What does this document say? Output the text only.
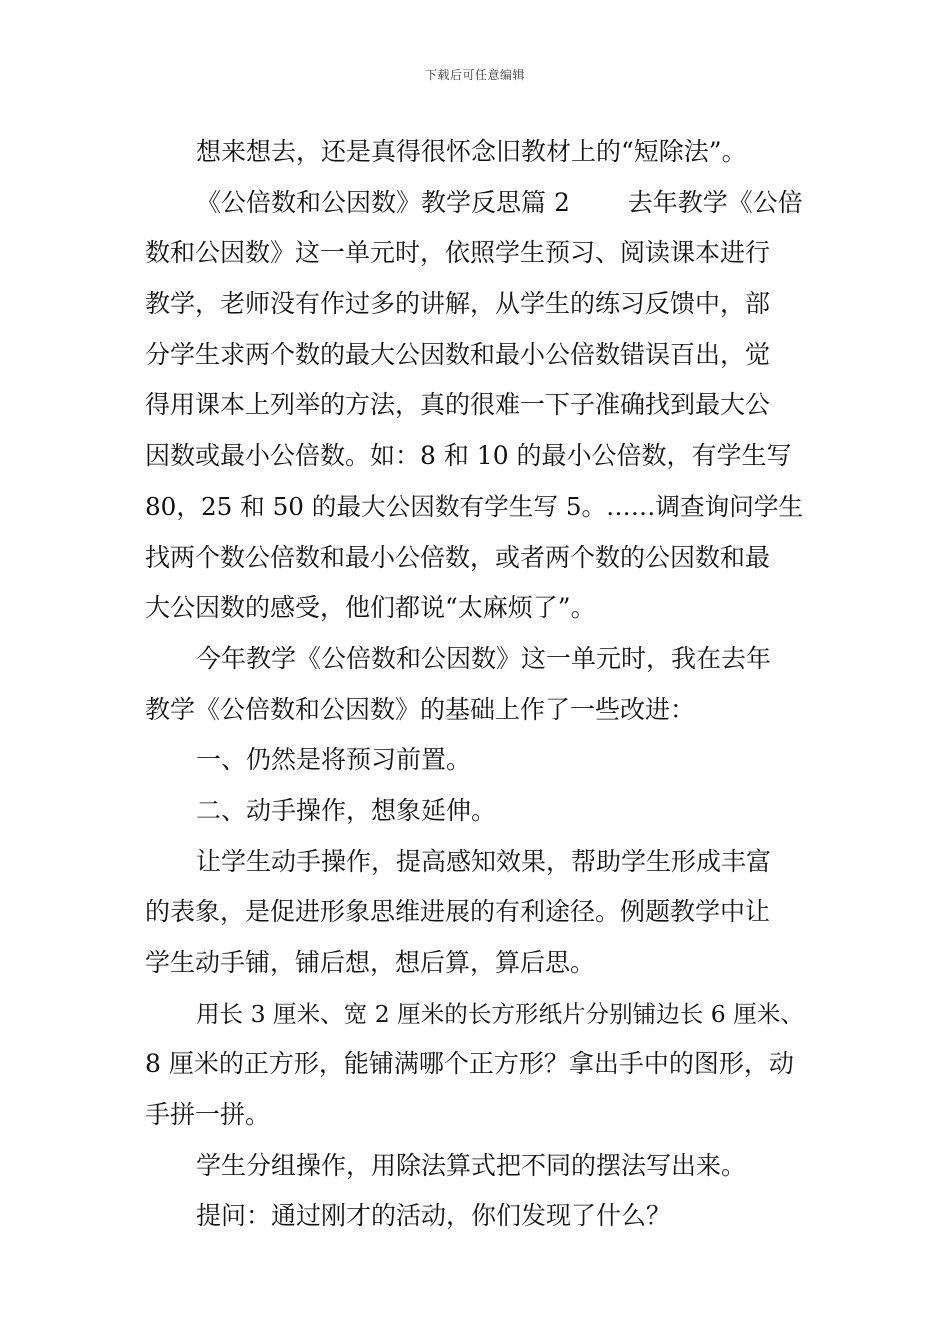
下载后可任意编辑

想来想去，还是真得很怀念旧教材上的“短除法”。

《公倍数和公因数》教学反思篇 2　　 去年教学《公倍

数和公因数》这一单元时，依照学生预习、阅读课本进行

教学，老师没有作过多的讲解，从学生的练习反馈中，部

分学生求两个数的最大公因数和最小公倍数错误百出，觉

得用课本上列举的方法，真的很难一下子准确找到最大公

因数或最小公倍数。如：8 和 10 的最小公倍数，有学生写

80，25 和 50 的最大公因数有学生写 5。……调查询问学生

找两个数公倍数和最小公倍数，或者两个数的公因数和最

大公因数的感受，他们都说“太麻烦了”。

今年教学《公倍数和公因数》这一单元时，我在去年

教学《公倍数和公因数》的基础上作了一些改进：

一、仍然是将预习前置。

二、动手操作，想象延伸。

让学生动手操作，提高感知效果，帮助学生形成丰富

的表象，是促进形象思维进展的有利途径。例题教学中让

学生动手铺，铺后想，想后算，算后思。

用长 3 厘米、宽 2 厘米的长方形纸片分别铺边长 6 厘米、

8 厘米的正方形，能铺满哪个正方形？拿出手中的图形，动

手拼一拼。

学生分组操作，用除法算式把不同的摆法写出来。

提问：通过刚才的活动，你们发现了什么？
